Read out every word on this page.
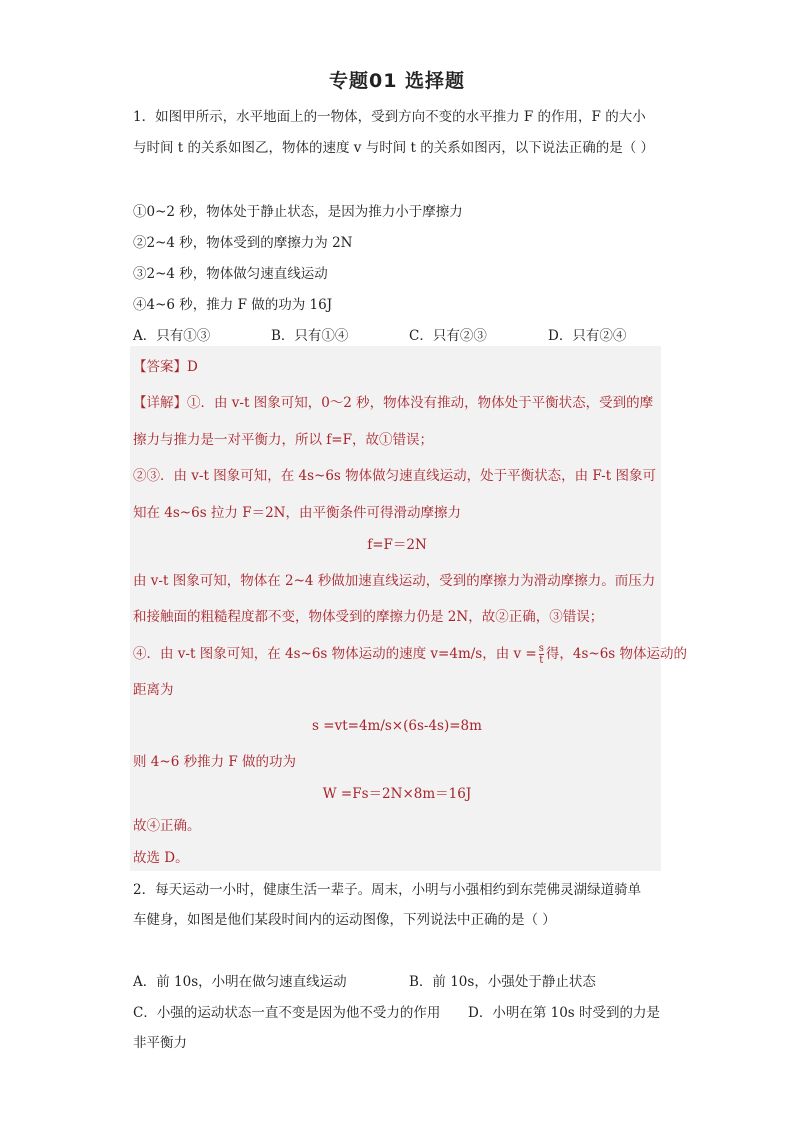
专题01 选择题
1．如图甲所示，水平地面上的一物体，受到方向不变的水平推力 F 的作用，F 的大小
与时间 t 的关系如图乙，物体的速度 v 与时间 t 的关系如图丙，以下说法正确的是（ ）
①0~2 秒，物体处于静止状态，是因为推力小于摩擦力
②2~4 秒，物体受到的摩擦力为 2N
③2~4 秒，物体做匀速直线运动
④4~6 秒，推力 F 做的功为 16J
A．只有①③	B．只有①④	C．只有②③	D．只有②④
【答案】D
【详解】①．由 v-t 图象可知，0～2 秒，物体没有推动，物体处于平衡状态，受到的摩
擦力与推力是一对平衡力，所以 f=F，故①错误；
②③．由 v-t 图象可知，在 4s~6s 物体做匀速直线运动，处于平衡状态，由 F-t 图象可
知在 4s~6s 拉力 F＝2N，由平衡条件可得滑动摩擦力
f=F＝2N
由 v-t 图象可知，物体在 2~4 秒做加速直线运动，受到的摩擦力为滑动摩擦力。而压力
和接触面的粗糙程度都不变，物体受到的摩擦力仍是 2N，故②正确，③错误；
④．由 v-t 图象可知，在 4s~6s 物体运动的速度 v=4m/s，由 $v = \frac{s}{t}$ 得，4s~6s 物体运动的
距离为
s =vt=4m/s×(6s-4s)=8m
则 4~6 秒推力 F 做的功为
W =Fs＝2N×8m＝16J
故④正确。
故选 D。
2．每天运动一小时，健康生活一辈子。周末，小明与小强相约到东莞佛灵湖绿道骑单
车健身，如图是他们某段时间内的运动图像，下列说法中正确的是（ ）
A．前 10s，小明在做匀速直线运动	B．前 10s，小强处于静止状态
C．小强的运动状态一直不变是因为他不受力的作用 D．小明在第 10s 时受到的力是
非平衡力
